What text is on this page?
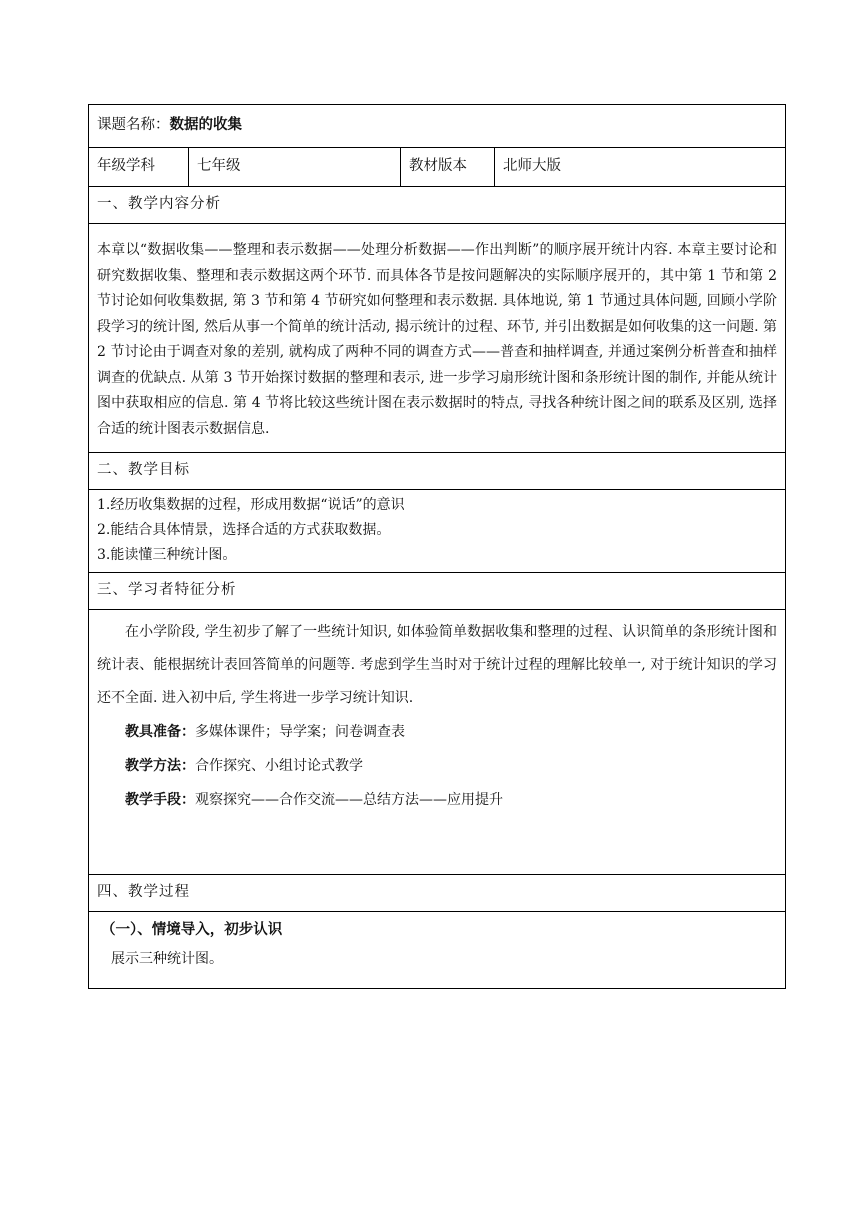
课题名称：数据的收集
年级学科	七年级	教材版本	北师大版
一、教学内容分析

本章以“数据收集——整理和表示数据——处理分析数据——作出判断”的顺序展开统计内容. 本章主要讨论和研究数据收集、整理和表示数据这两个环节. 而具体各节是按问题解决的实际顺序展开的，其中第 1 节和第 2 节讨论如何收集数据, 第 3 节和第 4 节研究如何整理和表示数据. 具体地说, 第 1 节通过具体问题, 回顾小学阶段学习的统计图, 然后从事一个简单的统计活动, 揭示统计的过程、环节, 并引出数据是如何收集的这一问题. 第 2 节讨论由于调查对象的差别, 就构成了两种不同的调查方式——普查和抽样调查, 并通过案例分析普查和抽样调查的优缺点. 从第 3 节开始探讨数据的整理和表示, 进一步学习扇形统计图和条形统计图的制作, 并能从统计图中获取相应的信息. 第 4 节将比较这些统计图在表示数据时的特点, 寻找各种统计图之间的联系及区别, 选择合适的统计图表示数据信息.

二、教学目标

1.经历收集数据的过程，形成用数据“说话”的意识
2.能结合具体情景，选择合适的方式获取数据。
3.能读懂三种统计图。

三、学习者特征分析

在小学阶段, 学生初步了解了一些统计知识, 如体验简单数据收集和整理的过程、认识简单的条形统计图和统计表、能根据统计表回答简单的问题等. 考虑到学生当时对于统计过程的理解比较单一, 对于统计知识的学习还不全面. 进入初中后, 学生将进一步学习统计知识.
教具准备：多媒体课件；导学案；问卷调查表
教学方法：合作探究、小组讨论式教学
教学手段：观察探究——合作交流——总结方法——应用提升

四、教学过程

（一）、情境导入，初步认识
展示三种统计图。
